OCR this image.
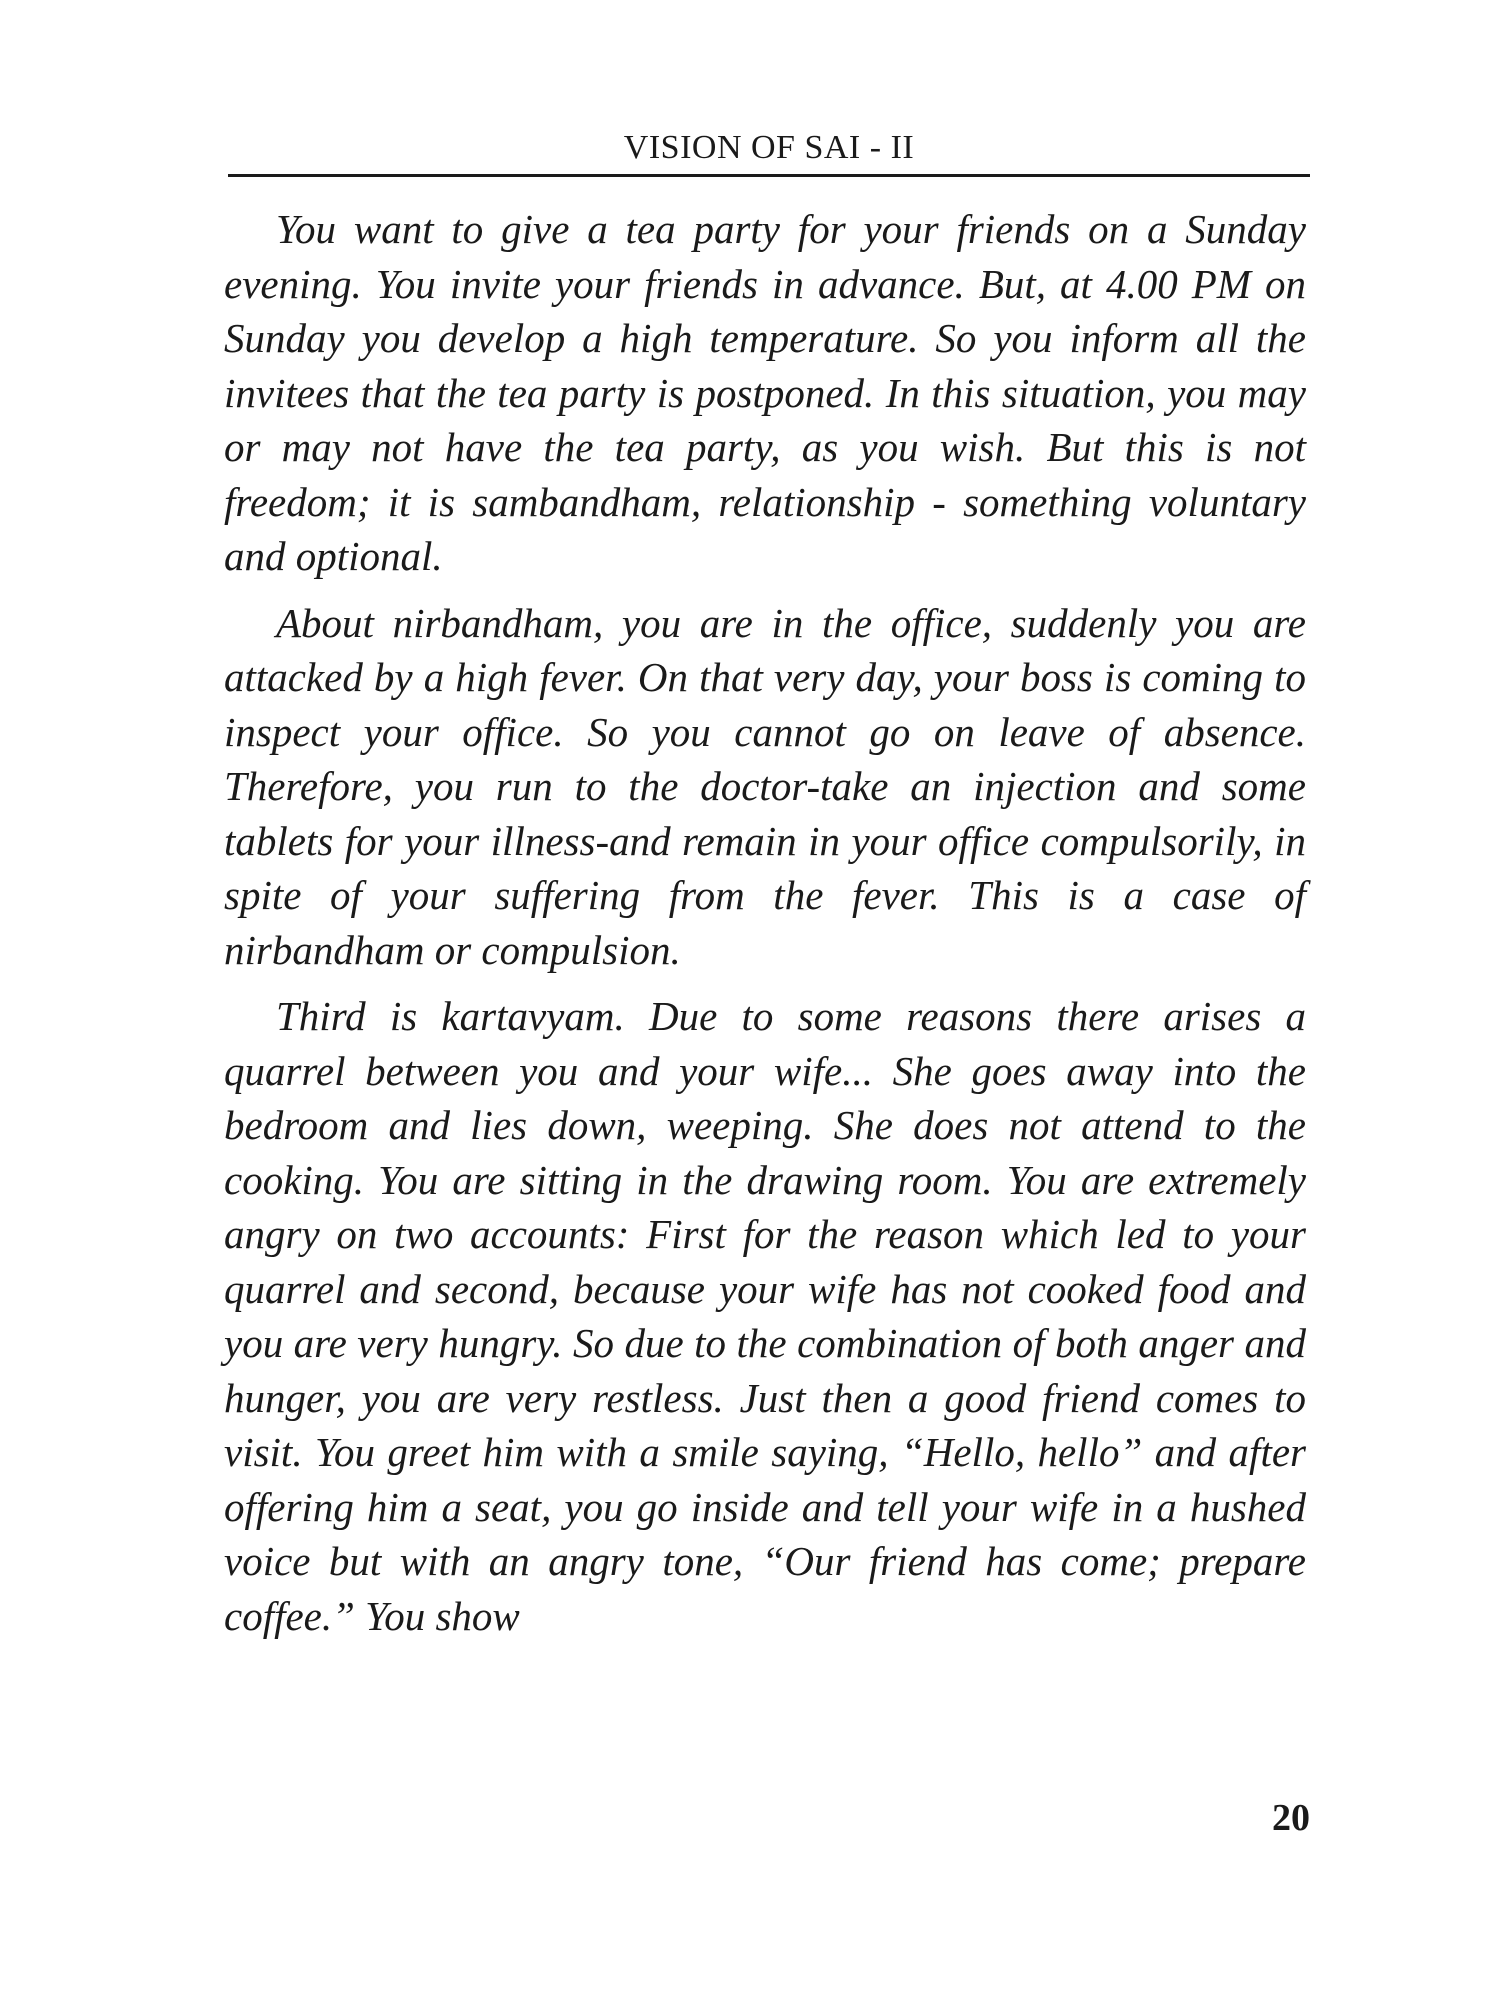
VISION OF SAI - II

You want to give a tea party for your friends on a Sunday evening. You invite your friends in advance. But, at 4.00 PM on Sunday you develop a high temperature. So you inform all the invitees that the tea party is postponed. In this situation, you may or may not have the tea party, as you wish. But this is not freedom; it is sambandham, relationship - something voluntary and optional.

About nirbandham, you are in the office, suddenly you are attacked by a high fever. On that very day, your boss is coming to inspect your office. So you cannot go on leave of absence. Therefore, you run to the doctor-take an injection and some tablets for your illness-and remain in your office compulsorily, in spite of your suffering from the fever. This is a case of nirbandham or compulsion.

Third is kartavyam. Due to some reasons there arises a quarrel between you and your wife... She goes away into the bedroom and lies down, weeping. She does not attend to the cooking. You are sitting in the drawing room. You are extremely angry on two accounts: First for the reason which led to your quarrel and second, because your wife has not cooked food and you are very hungry. So due to the combination of both anger and hunger, you are very restless. Just then a good friend comes to visit. You greet him with a smile saying, “Hello, hello” and after offering him a seat, you go inside and tell your wife in a hushed voice but with an angry tone, “Our friend has come; prepare coffee.” You show

20
